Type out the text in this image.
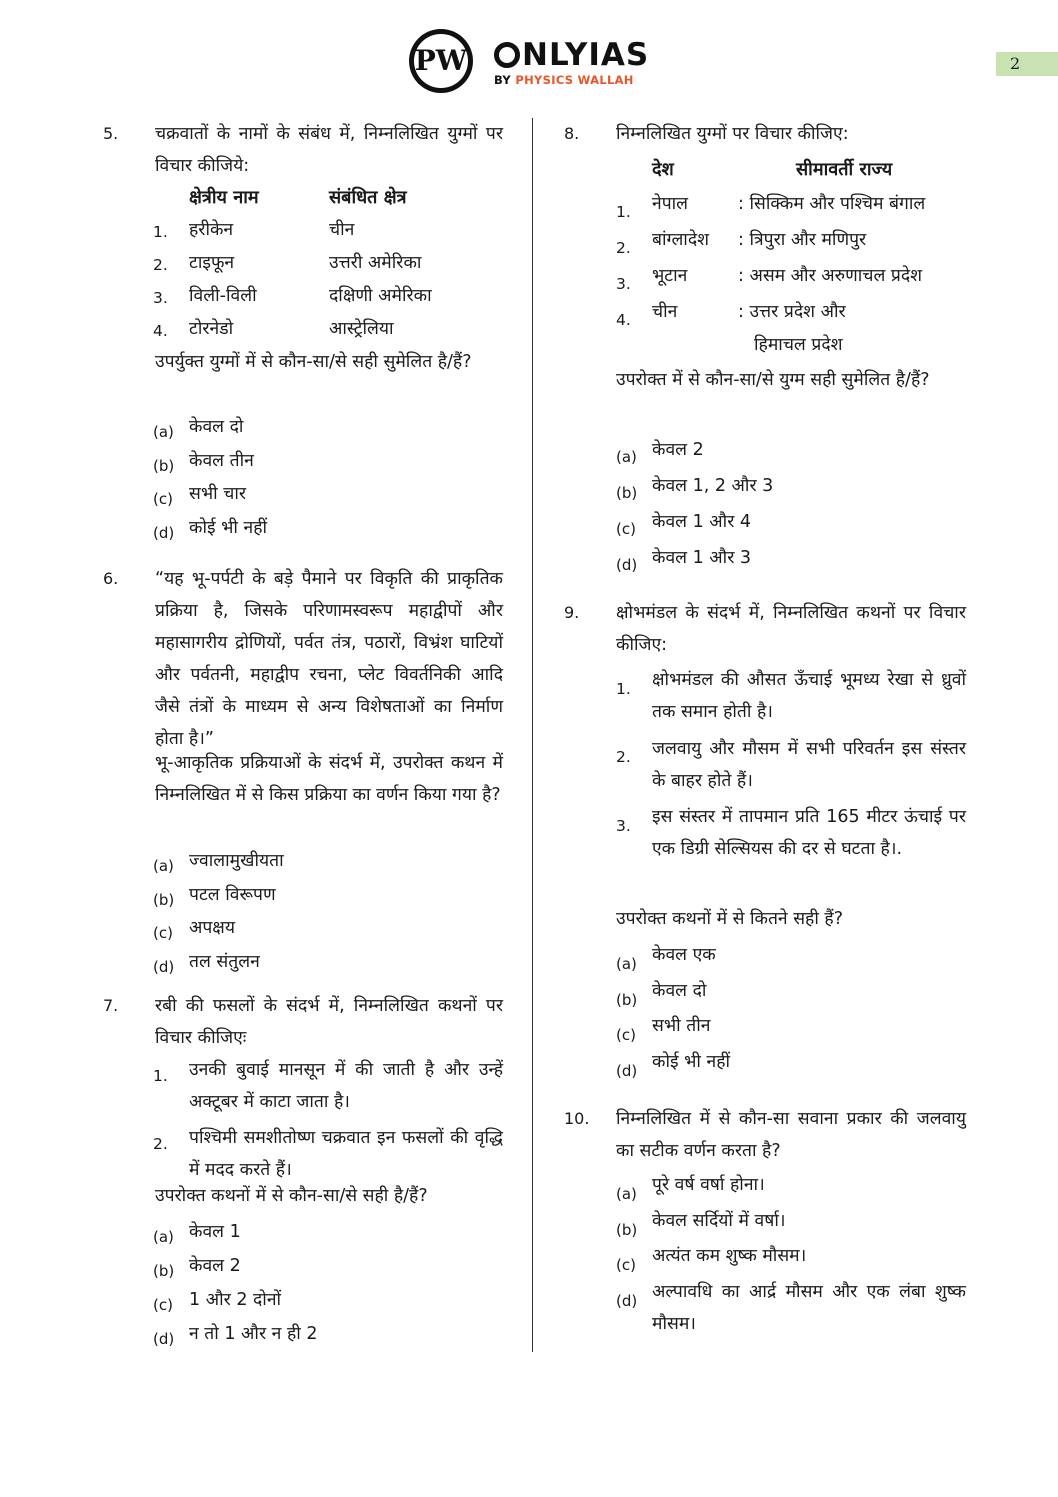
PW	NLYIAS
BY PHYSICS WALLAH
2
5. चक्रवातों के नामों के संबंध में, निम्नलिखित युग्मों पर विचार कीजिये:
क्षेत्रीय नाम	संबंधित क्षेत्र
1. हरीकेन	चीन
2. टाइफून	उत्तरी अमेरिका
3. विली-विली	दक्षिणी अमेरिका
4. टोरनेडो	आस्ट्रेलिया
उपर्युक्त युग्मों में से कौन-सा/से सही सुमेलित है/हैं?
(a) केवल दो
(b) केवल तीन
(c) सभी चार
(d) कोई भी नहीं
6. “यह भू-पर्पटी के बड़े पैमाने पर विकृति की प्राकृतिक प्रक्रिया है, जिसके परिणामस्वरूप महाद्वीपों और महासागरीय द्रोणियों, पर्वत तंत्र, पठारों, विभ्रंश घाटियों और पर्वतनी, महाद्वीप रचना, प्लेट विवर्तनिकी आदि जैसे तंत्रों के माध्यम से अन्य विशेषताओं का निर्माण होता है।”
भू-आकृतिक प्रक्रियाओं के संदर्भ में, उपरोक्त कथन में निम्नलिखित में से किस प्रक्रिया का वर्णन किया गया है?
(a) ज्वालामुखीयता
(b) पटल विरूपण
(c) अपक्षय
(d) तल संतुलन
7. रबी की फसलों के संदर्भ में, निम्नलिखित कथनों पर विचार कीजिएः
1. उनकी बुवाई मानसून में की जाती है और उन्हें अक्टूबर में काटा जाता है।
2. पश्चिमी समशीतोष्ण चक्रवात इन फसलों की वृद्धि में मदद करते हैं।
उपरोक्त कथनों में से कौन-सा/से सही है/हैं?
(a) केवल 1
(b) केवल 2
(c) 1 और 2 दोनों
(d) न तो 1 और न ही 2
8. निम्नलिखित युग्मों पर विचार कीजिए:
देश	सीमावर्ती राज्य
1. नेपाल	: सिक्किम और पश्चिम बंगाल
2. बांग्लादेश : त्रिपुरा और मणिपुर
3. भूटान	: असम और अरुणाचल प्रदेश
4. चीन	: उत्तर प्रदेश और
हिमाचल प्रदेश
उपरोक्त में से कौन-सा/से युग्म सही सुमेलित है/हैं?
(a) केवल 2
(b) केवल 1, 2 और 3
(c) केवल 1 और 4
(d) केवल 1 और 3
9. क्षोभमंडल के संदर्भ में, निम्नलिखित कथनों पर विचार कीजिए:
1. क्षोभमंडल की औसत ऊँचाई भूमध्य रेखा से ध्रुवों तक समान होती है।
2. जलवायु और मौसम में सभी परिवर्तन इस संस्तर के बाहर होते हैं।
3. इस संस्तर में तापमान प्रति 165 मीटर ऊंचाई पर एक डिग्री सेल्सियस की दर से घटता है।.
उपरोक्त कथनों में से कितने सही हैं?
(a) केवल एक
(b) केवल दो
(c) सभी तीन
(d) कोई भी नहीं
10. निम्नलिखित में से कौन-सा सवाना प्रकार की जलवायु का सटीक वर्णन करता है?
(a) पूरे वर्ष वर्षा होना।
(b) केवल सर्दियों में वर्षा।
(c) अत्यंत कम शुष्क मौसम।
(d) अल्पावधि का आर्द्र मौसम और एक लंबा शुष्क मौसम।
